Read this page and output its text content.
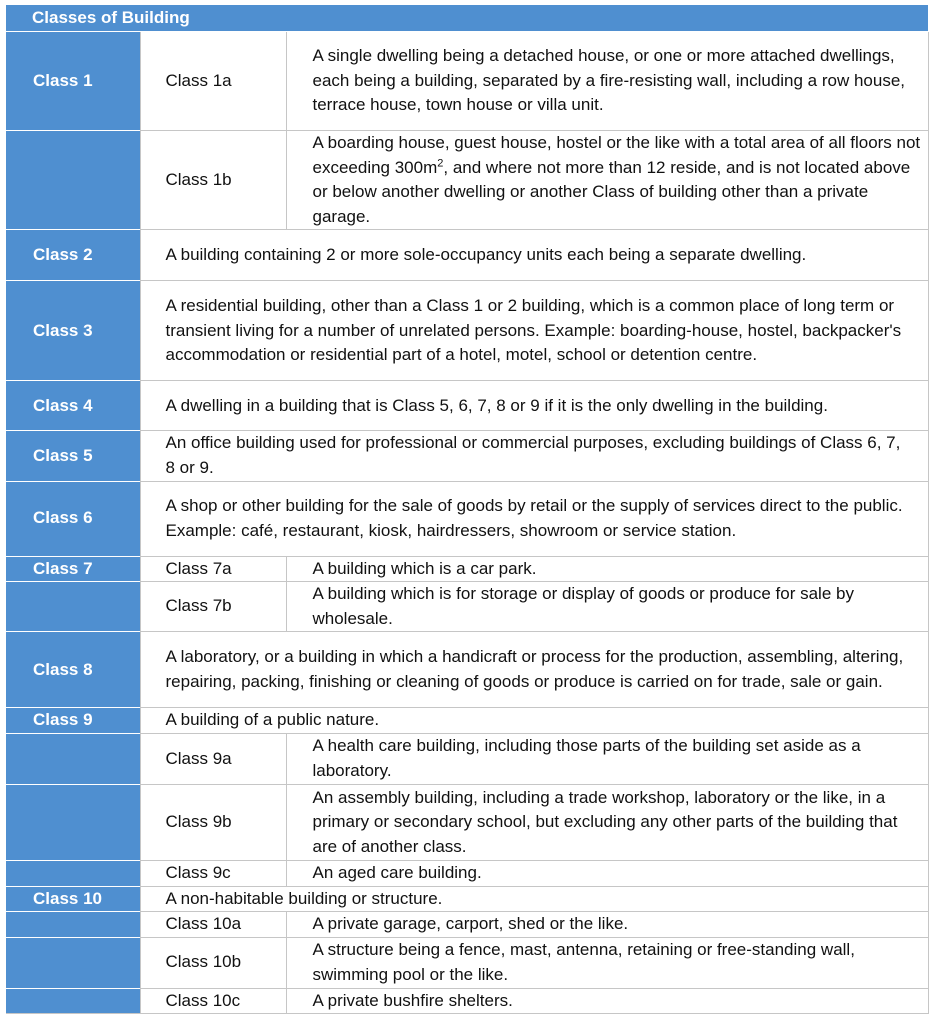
Classes of Building		
Class 1	Class 1a	A single dwelling being a detached house, or one or more attached dwellings, each being a building, separated by a fire-resisting wall, including a row house, terrace house, town house or villa unit.
	Class 1b	A boarding house, guest house, hostel or the like with a total area of all floors not exceeding $300m^2$, and where not more than 12 reside, and is not located above or below another dwelling or another Class of building other than a private garage.
Class 2	A building containing 2 or more sole-occupancy units each being a separate dwelling.	
Class 3	A residential building, other than a Class 1 or 2 building, which is a common place of long term or transient living for a number of unrelated persons. Example: boarding-house, hostel, backpacker's accommodation or residential part of a hotel, motel, school or detention centre.	
Class 4	A dwelling in a building that is Class 5, 6, 7, 8 or 9 if it is the only dwelling in the building.	
Class 5	An office building used for professional or commercial purposes, excluding buildings of Class 6, 7, 8 or 9.	
Class 6	A shop or other building for the sale of goods by retail or the supply of services direct to the public. Example: café, restaurant, kiosk, hairdressers, showroom or service station.	
Class 7	Class 7a	A building which is a car park.
	Class 7b	A building which is for storage or display of goods or produce for sale by wholesale.
Class 8	A laboratory, or a building in which a handicraft or process for the production, assembling, altering, repairing, packing, finishing or cleaning of goods or produce is carried on for trade, sale or gain.	
Class 9	A building of a public nature.	
	Class 9a	A health care building, including those parts of the building set aside as a laboratory.
	Class 9b	An assembly building, including a trade workshop, laboratory or the like, in a primary or secondary school, but excluding any other parts of the building that are of another class.
	Class 9c	An aged care building.
Class 10	A non-habitable building or structure.	
	Class 10a	A private garage, carport, shed or the like.
	Class 10b	A structure being a fence, mast, antenna, retaining or free-standing wall, swimming pool or the like.
	Class 10c	A private bushfire shelters.
